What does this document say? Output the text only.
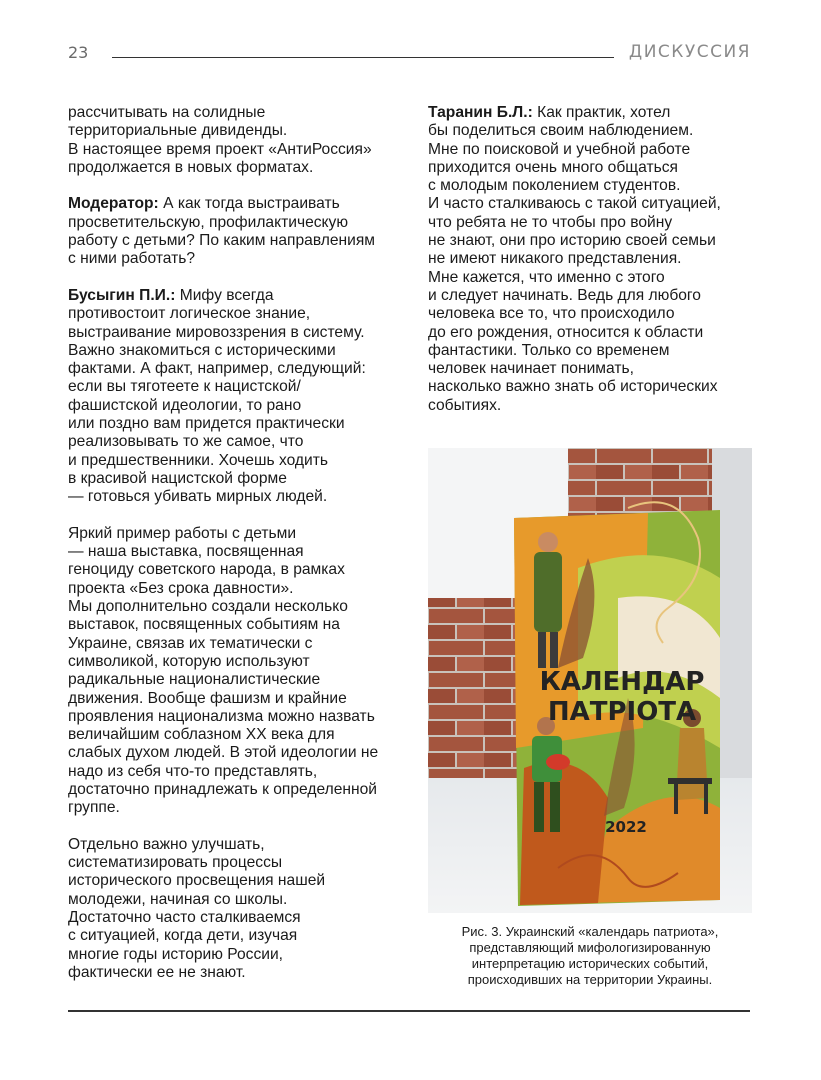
23	ДИСКУССИЯ

рассчитывать на солидные
территориальные дивиденды.
В настоящее время проект «АнтиРоссия»
продолжается в новых форматах.

Модератор: А как тогда выстраивать
просветительскую, профилактическую
работу с детьми? По каким направлениям
с ними работать?

Бусыгин П.И.: Мифу всегда
противостоит логическое знание,
выстраивание мировоззрения в систему.
Важно знакомиться с историческими
фактами. А факт, например, следующий:
если вы тяготеете к нацистской/
фашистской идеологии, то рано
или поздно вам придется практически
реализовывать то же самое, что
и предшественники. Хочешь ходить
в красивой нацистской форме
— готовься убивать мирных людей.

Яркий пример работы с детьми
— наша выставка, посвященная
геноциду советского народа, в рамках
проекта «Без срока давности».
Мы дополнительно создали несколько
выставок, посвященных событиям на
Украине, связав их тематически с
символикой, которую используют
радикальные националистические
движения. Вообще фашизм и крайние
проявления национализма можно назвать
величайшим соблазном XX века для
слабых духом людей. В этой идеологии не
надо из себя что-то представлять,
достаточно принадлежать к определенной
группе.

Отдельно важно улучшать,
систематизировать процессы
исторического просвещения нашей
молодежи, начиная со школы.
Достаточно часто сталкиваемся
с ситуацией, когда дети, изучая
многие годы историю России,
фактически ее не знают.

Таранин Б.Л.: Как практик, хотел
бы поделиться своим наблюдением.
Мне по поисковой и учебной работе
приходится очень много общаться
с молодым поколением студентов.
И часто сталкиваюсь с такой ситуацией,
что ребята не то чтобы про войну
не знают, они про историю своей семьи
не имеют никакого представления.
Мне кажется, что именно с этого
и следует начинать. Ведь для любого
человека все то, что происходило
до его рождения, относится к области
фантастики. Только со временем
человек начинает понимать,
насколько важно знать об исторических
событиях.

КАЛЕНДАР
ПАТРІОТА
2022
Рис. 3. Украинский «календарь патриота»,
представляющий мифологизированную
интерпретацию исторических событий,
происходивших на территории Украины.
